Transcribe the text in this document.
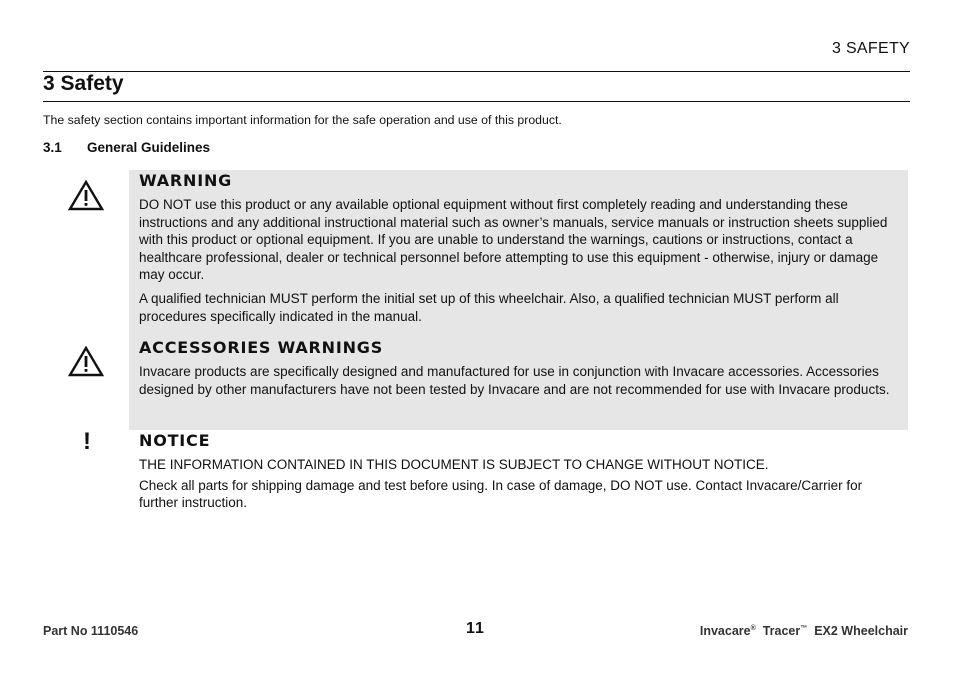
3 SAFETY
3 Safety
The safety section contains important information for the safe operation and use of this product.
3.1 General Guidelines
WARNING

DO NOT use this product or any available optional equipment without first completely reading and understanding these instructions and any additional instructional material such as owner’s manuals, service manuals or instruction sheets supplied with this product or optional equipment. If you are unable to understand the warnings, cautions or instructions, contact a healthcare professional, dealer or technical personnel before attempting to use this equipment - otherwise, injury or damage may occur.

A qualified technician MUST perform the initial set up of this wheelchair. Also, a qualified technician MUST perform all procedures specifically indicated in the manual.

ACCESSORIES WARNINGS

Invacare products are specifically designed and manufactured for use in conjunction with Invacare accessories. Accessories designed by other manufacturers have not been tested by Invacare and are not recommended for use with Invacare products.

!	NOTICE

THE INFORMATION CONTAINED IN THIS DOCUMENT IS SUBJECT TO CHANGE WITHOUT NOTICE.

Check all parts for shipping damage and test before using. In case of damage, DO NOT use. Contact Invacare/Carrier for further instruction.

Part No 1110546	11	Invacare® Tracer™ EX2 Wheelchair
